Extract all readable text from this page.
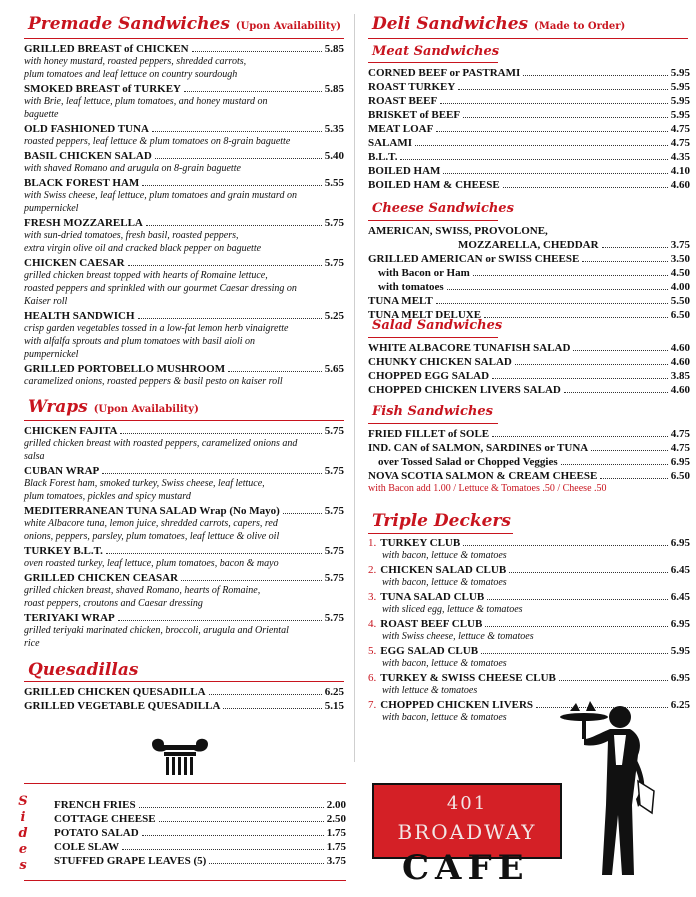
Premade Sandwiches (Upon Availability)
GRILLED BREAST of CHICKEN	5.85
with honey mustard, roasted peppers, shredded carrots,
plum tomatoes and leaf lettuce on country sourdough
SMOKED BREAST of TURKEY	5.85
with Brie, leaf lettuce, plum tomatoes, and honey mustard on
baguette
OLD FASHIONED TUNA	5.35
roasted peppers, leaf lettuce & plum tomatoes on 8-grain baguette
BASIL CHICKEN SALAD	5.40
with shaved Romano and arugula on 8-grain baguette
BLACK FOREST HAM	5.55
with Swiss cheese, leaf lettuce, plum tomatoes and grain mustard on
pumpernickel
FRESH MOZZARELLA	5.75
with sun-dried tomatoes, fresh basil, roasted peppers,
extra virgin olive oil and cracked black pepper on baguette
CHICKEN CAESAR	5.75
grilled chicken breast topped with hearts of Romaine lettuce,
roasted peppers and sprinkled with our gourmet Caesar dressing on
Kaiser roll
HEALTH SANDWICH	5.25
crisp garden vegetables tossed in a low-fat lemon herb vinaigrette
with alfalfa sprouts and plum tomatoes with basil aioli on
pumpernickel
GRILLED PORTOBELLO MUSHROOM	5.65
caramelized onions, roasted peppers & basil pesto on kaiser roll
Wraps (Upon Availability)
CHICKEN FAJITA	5.75
grilled chicken breast with roasted peppers, caramelized onions and
salsa
CUBAN WRAP	5.75
Black Forest ham, smoked turkey, Swiss cheese, leaf lettuce,
plum tomatoes, pickles and spicy mustard
MEDITERRANEAN TUNA SALAD Wrap (No Mayo)	5.75
white Albacore tuna, lemon juice, shredded carrots, capers, red
onions, peppers, parsley, plum tomatoes, leaf lettuce & olive oil
TURKEY B.L.T.	5.75
oven roasted turkey, leaf lettuce, plum tomatoes, bacon & mayo
GRILLED CHICKEN CEASAR	5.75
grilled chicken breast, shaved Romano, hearts of Romaine,
roast peppers, croutons and Caesar dressing
TERIYAKI WRAP	5.75
grilled teriyaki marinated chicken, broccoli, arugula and Oriental
rice
Quesadillas
GRILLED CHICKEN QUESADILLA	6.25
GRILLED VEGETABLE QUESADILLA	5.15
S
i
d
e
s
FRENCH FRIES	2.00
COTTAGE CHEESE	2.50
POTATO SALAD	1.75
COLE SLAW	1.75
STUFFED GRAPE LEAVES (5)	3.75
Deli Sandwiches (Made to Order)
Meat Sandwiches
CORNED BEEF or PASTRAMI	5.95
ROAST TURKEY	5.95
ROAST BEEF	5.95
BRISKET of BEEF	5.95
MEAT LOAF	4.75
SALAMI	4.75
B.L.T.	4.35
BOILED HAM	4.10
BOILED HAM & CHEESE	4.60
Cheese Sandwiches
AMERICAN, SWISS, PROVOLONE,
MOZZARELLA, CHEDDAR	3.75
GRILLED AMERICAN or SWISS CHEESE	3.50
with Bacon or Ham	4.50
with tomatoes	4.00
TUNA MELT	5.50
TUNA MELT DELUXE	6.50
Salad Sandwiches
WHITE ALBACORE TUNAFISH SALAD	4.60
CHUNKY CHICKEN SALAD	4.60
CHOPPED EGG SALAD	3.85
CHOPPED CHICKEN LIVERS SALAD	4.60
Fish Sandwiches
FRIED FILLET of SOLE	4.75
IND. CAN of SALMON, SARDINES or TUNA	4.75
over Tossed Salad or Chopped Veggies	6.95
NOVA SCOTIA SALMON & CREAM CHEESE	6.50
with Bacon add 1.00 / Lettuce & Tomatoes .50 / Cheese .50
Triple Deckers
1. TURKEY CLUB	6.95
with bacon, lettuce & tomatoes
2. CHICKEN SALAD CLUB	6.45
with bacon, lettuce & tomatoes
3. TUNA SALAD CLUB	6.45
with sliced egg, lettuce & tomatoes
4. ROAST BEEF CLUB	6.95
with Swiss cheese, lettuce & tomatoes
5. EGG SALAD CLUB	5.95
with bacon, lettuce & tomatoes
6. TURKEY & SWISS CHEESE CLUB	6.95
with lettuce & tomatoes
7. CHOPPED CHICKEN LIVERS	6.25
with bacon, lettuce & tomatoes
401
BROADWAY
CAFE
